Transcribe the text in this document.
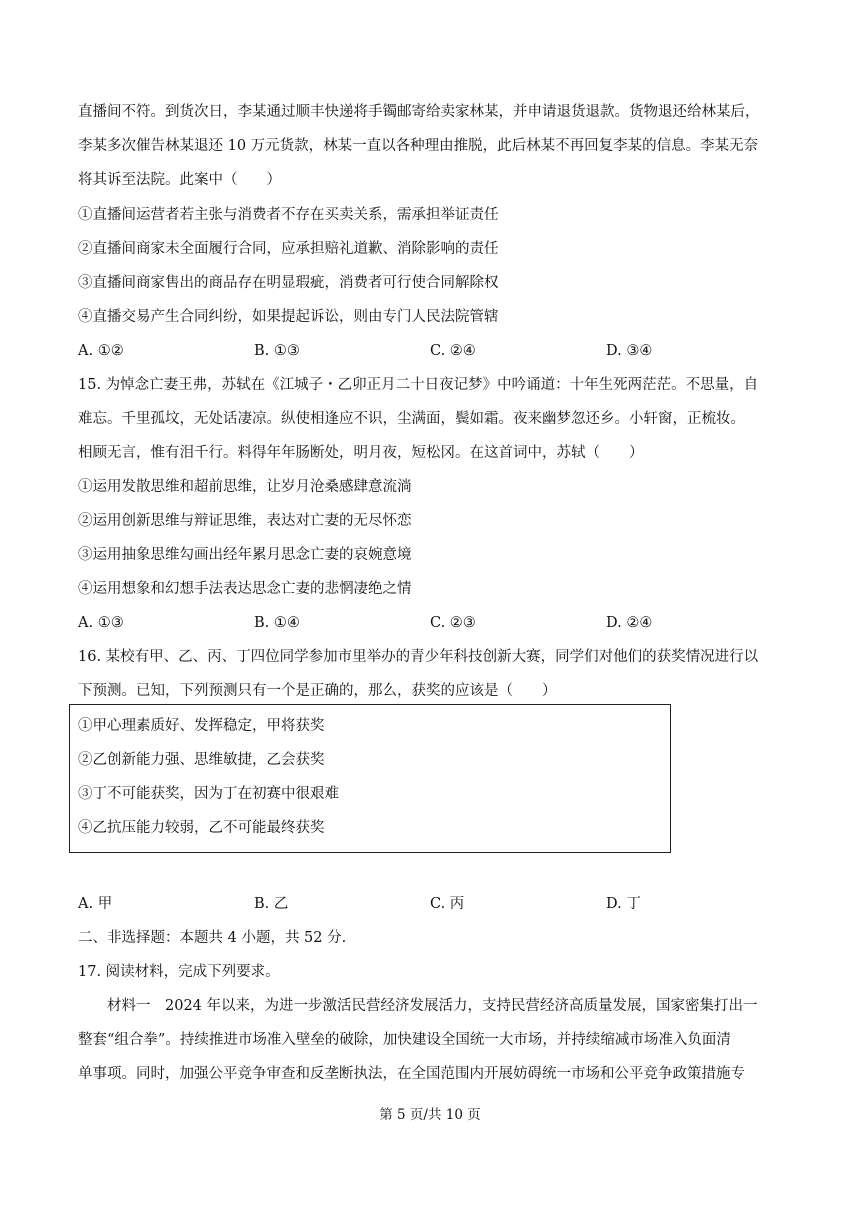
直播间不符。到货次日，李某通过顺丰快递将手镯邮寄给卖家林某，并申请退货退款。货物退还给林某后，
李某多次催告林某退还 10 万元货款，林某一直以各种理由推脱，此后林某不再回复李某的信息。李某无奈
将其诉至法院。此案中（　　）
①直播间运营者若主张与消费者不存在买卖关系，需承担举证责任
②直播间商家未全面履行合同，应承担赔礼道歉、消除影响的责任
③直播间商家售出的商品存在明显瑕疵，消费者可行使合同解除权
④直播交易产生合同纠纷，如果提起诉讼，则由专门人民法院管辖
A. ①②	B. ①③	C. ②④	D. ③④
15. 为悼念亡妻王弗，苏轼在《江城子・乙卯正月二十日夜记梦》中吟诵道：十年生死两茫茫。不思量，自
难忘。千里孤坟，无处话凄凉。纵使相逢应不识，尘满面，鬓如霜。夜来幽梦忽还乡。小轩窗，正梳妆。
相顾无言，惟有泪千行。料得年年肠断处，明月夜，短松冈。在这首词中，苏轼（　　）
①运用发散思维和超前思维，让岁月沧桑感肆意流淌
②运用创新思维与辩证思维，表达对亡妻的无尽怀恋
③运用抽象思维勾画出经年累月思念亡妻的哀婉意境
④运用想象和幻想手法表达思念亡妻的悲惘凄绝之情
A. ①③	B. ①④	C. ②③	D. ②④
16. 某校有甲、乙、丙、丁四位同学参加市里举办的青少年科技创新大赛，同学们对他们的获奖情况进行以
下预测。已知，下列预测只有一个是正确的，那么，获奖的应该是（　　）
①甲心理素质好、发挥稳定，甲将获奖
②乙创新能力强、思维敏捷，乙会获奖
③丁不可能获奖，因为丁在初赛中很艰难
④乙抗压能力较弱，乙不可能最终获奖
A. 甲	B. 乙	C. 丙	D. 丁
二、非选择题：本题共 4 小题，共 52 分.
17. 阅读材料，完成下列要求。
　　材料一　2024 年以来，为进一步激活民营经济发展活力，支持民营经济高质量发展，国家密集打出一
整套“组合拳”。持续推进市场准入壁垒的破除，加快建设全国统一大市场，并持续缩减市场准入负面清
单事项。同时，加强公平竞争审查和反垄断执法，在全国范围内开展妨碍统一市场和公平竞争政策措施专
第 5 页/共 10 页
